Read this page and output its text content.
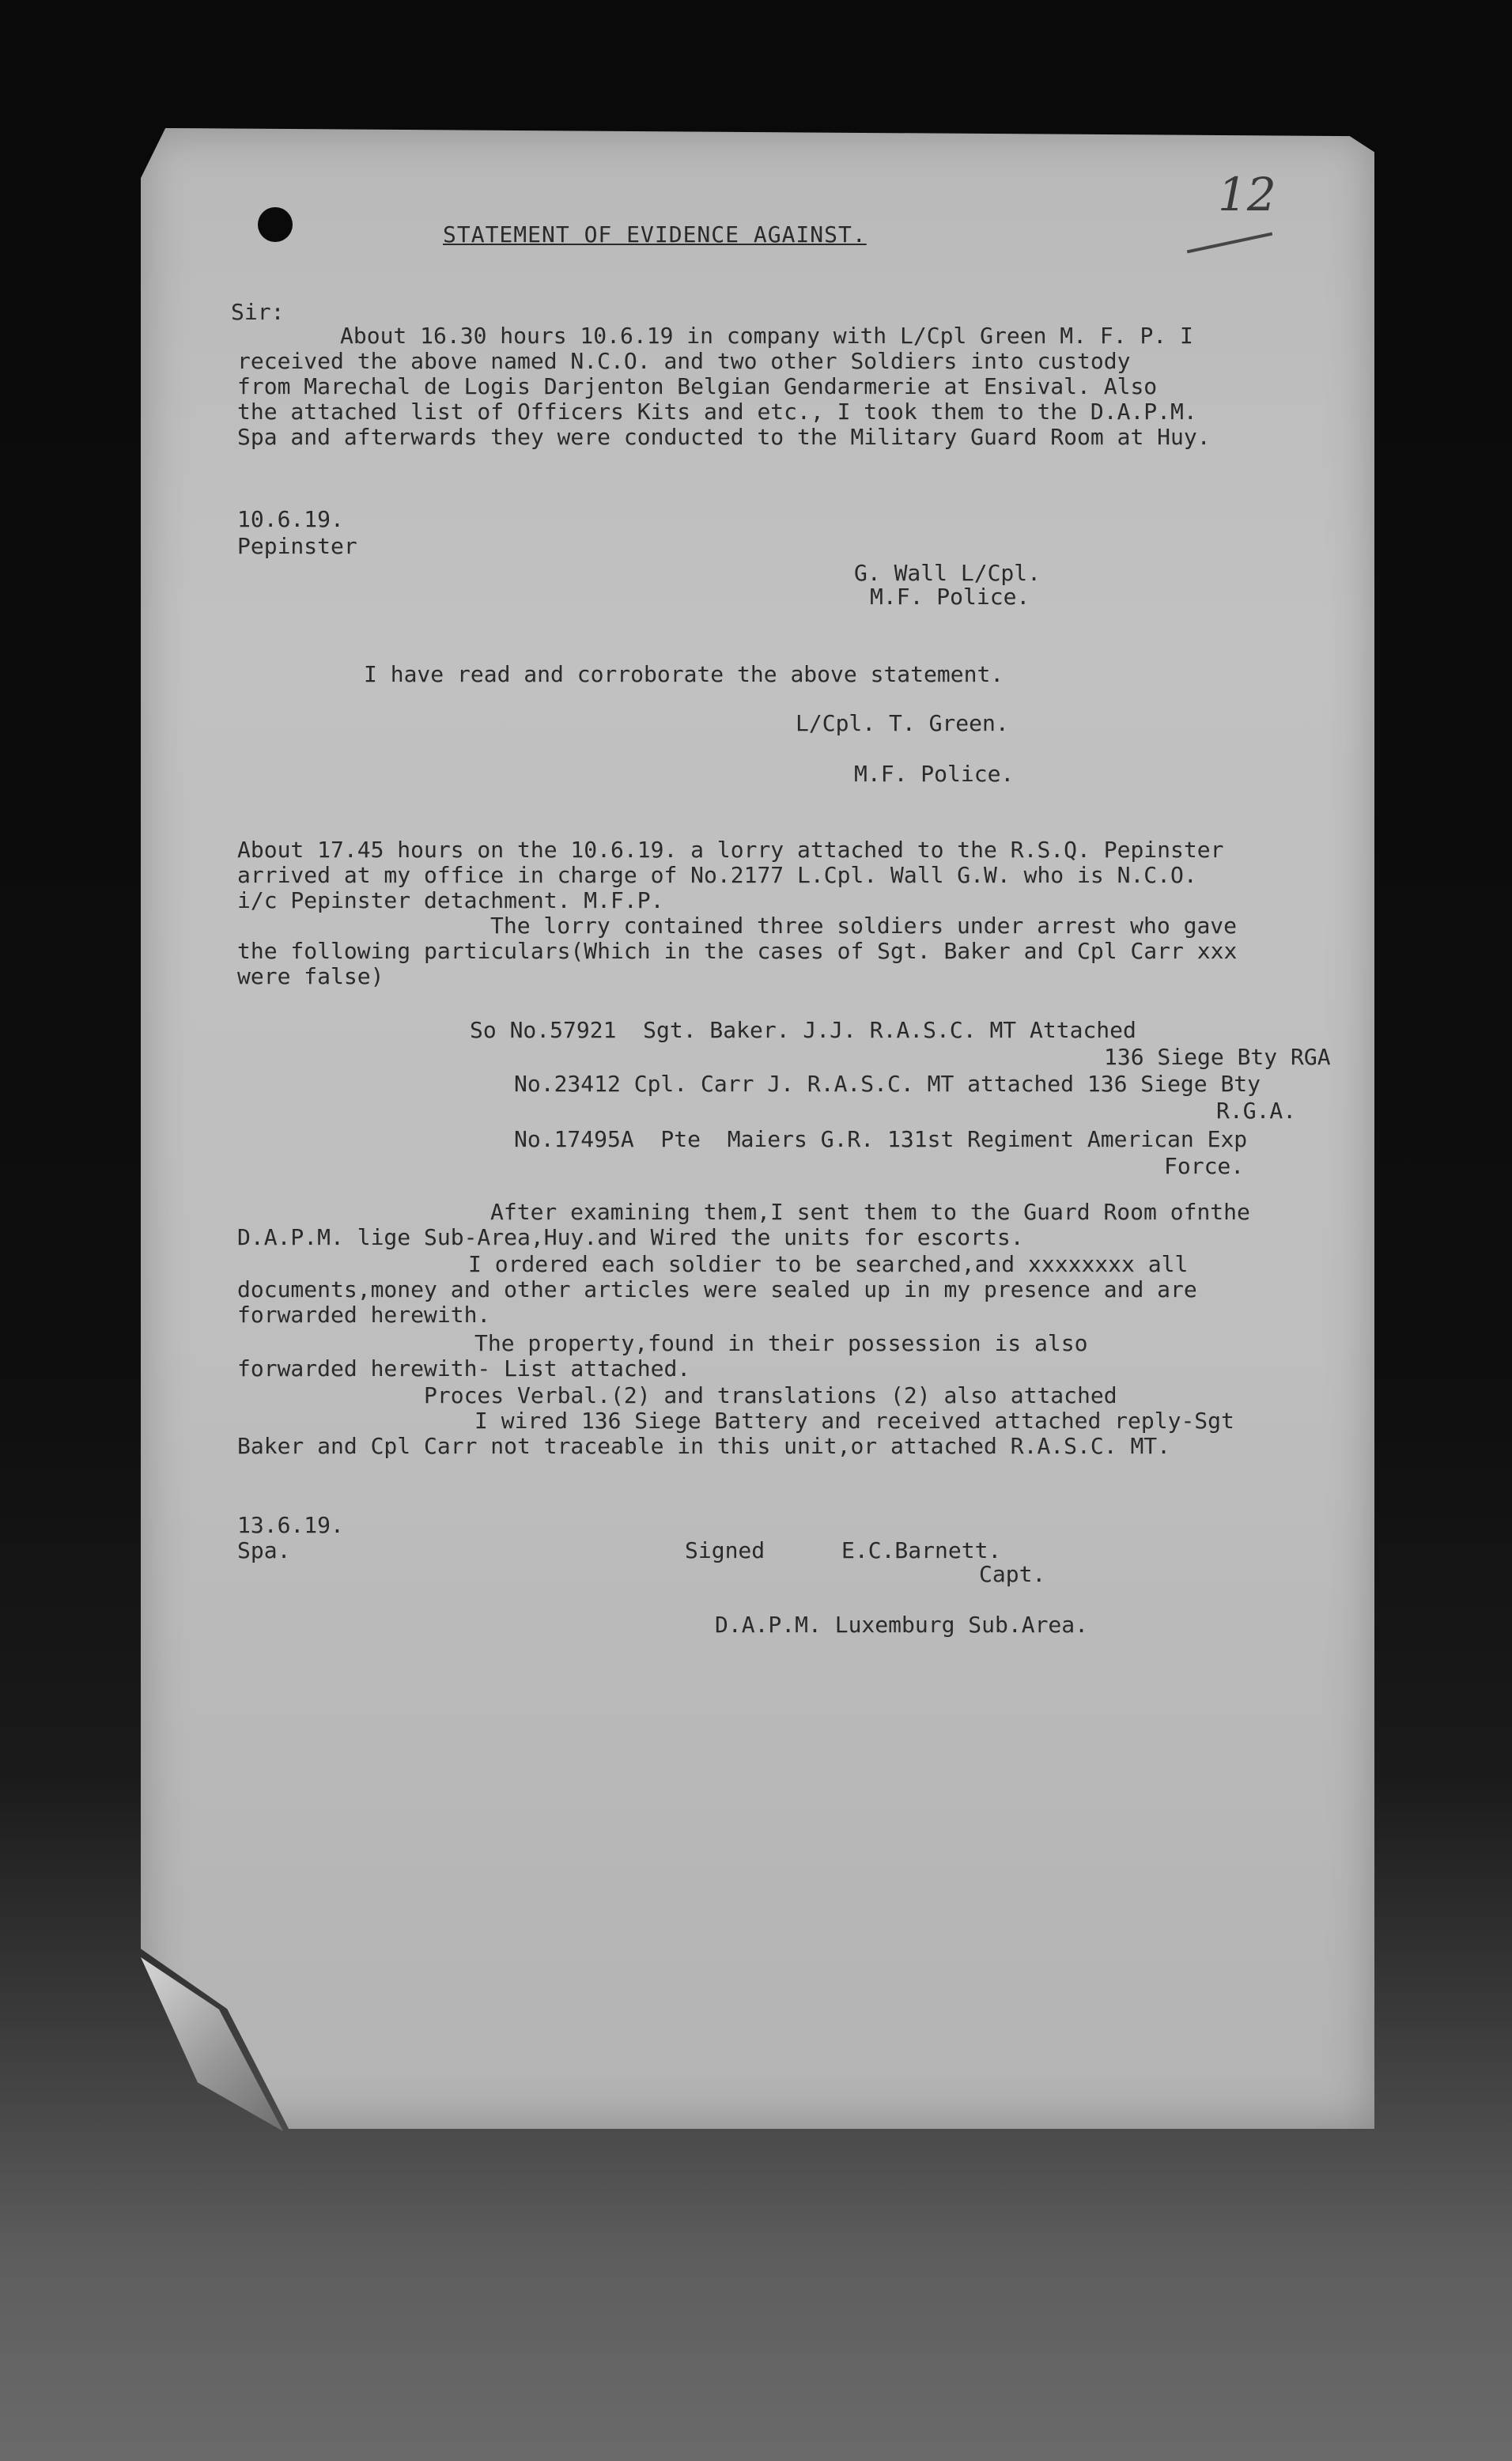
12

STATEMENT OF EVIDENCE AGAINST.

Sir:

About 16.30 hours 10.6.19 in company with L/Cpl Green M. F. P. I

received the above named N.C.O. and two other Soldiers into custody

from Marechal de Logis Darjenton Belgian Gendarmerie at Ensival. Also

the attached list of Officers Kits and etc., I took them to the D.A.P.M.

Spa and afterwards they were conducted to the Military Guard Room at Huy.

10.6.19.

Pepinster

G. Wall L/Cpl.

M.F. Police.

I have read and corroborate the above statement.

L/Cpl. T. Green.

M.F. Police.

About 17.45 hours on the 10.6.19. a lorry attached to the R.S.Q. Pepinster

arrived at my office in charge of No.2177 L.Cpl. Wall G.W. who is N.C.O.

i/c Pepinster detachment. M.F.P.

The lorry contained three soldiers under arrest who gave

the following particulars(Which in the cases of Sgt. Baker and Cpl Carr xxx

were false)

So No.57921  Sgt. Baker. J.J. R.A.S.C. MT Attached

136 Siege Bty RGA

No.23412 Cpl. Carr J. R.A.S.C. MT attached 136 Siege Bty

R.G.A.

No.17495A  Pte  Maiers G.R. 131st Regiment American Exp

Force.

After examining them,I sent them to the Guard Room ofnthe

D.A.P.M. lige Sub-Area,Huy.and Wired the units for escorts.

I ordered each soldier to be searched,and xxxxxxxx all

documents,money and other articles were sealed up in my presence and are

forwarded herewith.

The property,found in their possession is also

forwarded herewith- List attached.

Proces Verbal.(2) and translations (2) also attached

I wired 136 Siege Battery and received attached reply-Sgt

Baker and Cpl Carr not traceable in this unit,or attached R.A.S.C. MT.

13.6.19.

Spa.

	Signed

	E.C.Barnett.

Capt.

D.A.P.M. Luxemburg Sub.Area.
